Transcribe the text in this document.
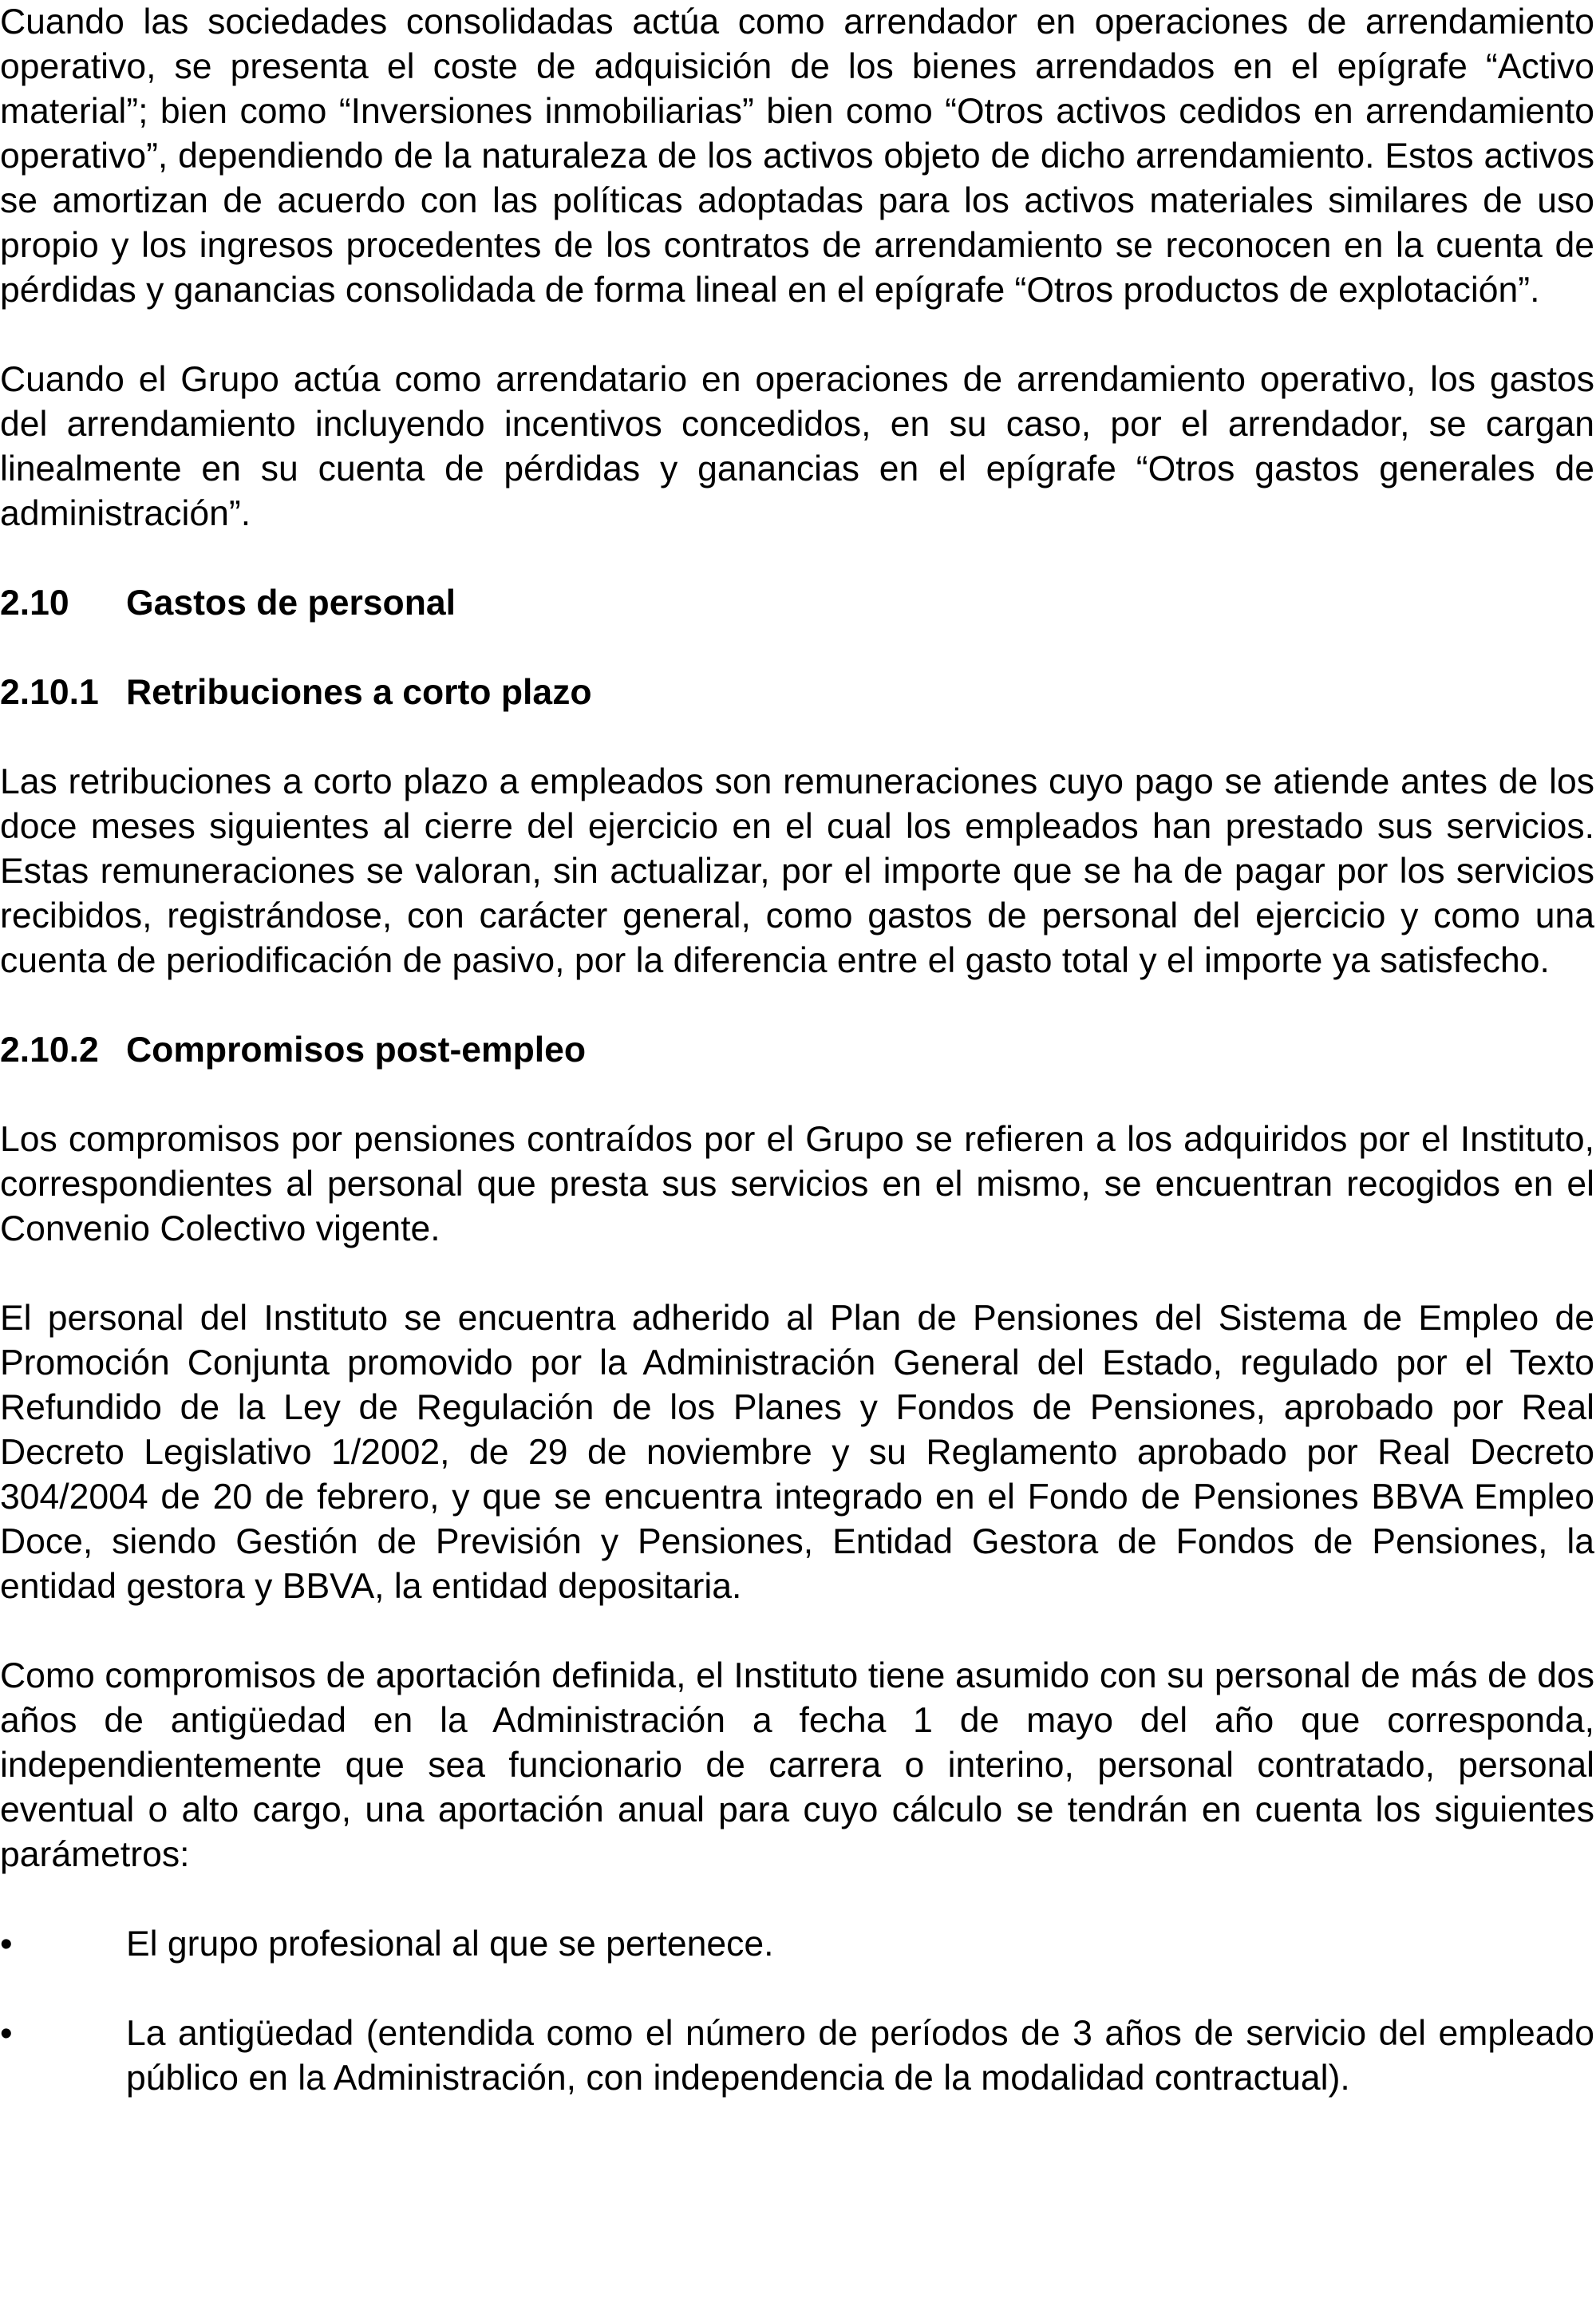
Cuando las sociedades consolidadas actúa como arrendador en operaciones de arrendamiento operativo, se presenta el coste de adquisición de los bienes arrendados en el epígrafe “Activo material”; bien como “Inversiones inmobiliarias” bien como “Otros activos cedidos en arrendamiento operativo”, dependiendo de la naturaleza de los activos objeto de dicho arrendamiento. Estos activos se amortizan de acuerdo con las políticas adoptadas para los activos materiales similares de uso propio y los ingresos procedentes de los contratos de arrendamiento se reconocen en la cuenta de pérdidas y ganancias consolidada de forma lineal en el epígrafe “Otros productos de explotación”.

Cuando el Grupo actúa como arrendatario en operaciones de arrendamiento operativo, los gastos del arrendamiento incluyendo incentivos concedidos, en su caso, por el arrendador, se cargan linealmente en su cuenta de pérdidas y ganancias en el epígrafe “Otros gastos generales de administración”.

2.10	Gastos de personal
2.10.1 Retribuciones a corto plazo

Las retribuciones a corto plazo a empleados son remuneraciones cuyo pago se atiende antes de los doce meses siguientes al cierre del ejercicio en el cual los empleados han prestado sus servicios. Estas remuneraciones se valoran, sin actualizar, por el importe que se ha de pagar por los servicios recibidos, registrándose, con carácter general, como gastos de personal del ejercicio y como una cuenta de periodificación de pasivo, por la diferencia entre el gasto total y el importe ya satisfecho.

2.10.2 Compromisos post-empleo

Los compromisos por pensiones contraídos por el Grupo se refieren a los adquiridos por el Instituto, correspondientes al personal que presta sus servicios en el mismo, se encuentran recogidos en el Convenio Colectivo vigente.

El personal del Instituto se encuentra adherido al Plan de Pensiones del Sistema de Empleo de Promoción Conjunta promovido por la Administración General del Estado, regulado por el Texto Refundido de la Ley de Regulación de los Planes y Fondos de Pensiones, aprobado por Real Decreto Legislativo 1/2002, de 29 de noviembre y su Reglamento aprobado por Real Decreto 304/2004 de 20 de febrero, y que se encuentra integrado en el Fondo de Pensiones BBVA Empleo Doce, siendo Gestión de Previsión y Pensiones, Entidad Gestora de Fondos de Pensiones, la entidad gestora y BBVA, la entidad depositaria.

Como compromisos de aportación definida, el Instituto tiene asumido con su personal de más de dos años de antigüedad en la Administración a fecha 1 de mayo del año que corresponda, independientemente que sea funcionario de carrera o interino, personal contratado, personal eventual o alto cargo, una aportación anual para cuyo cálculo se tendrán en cuenta los siguientes parámetros:

•	El grupo profesional al que se pertenece.
•	La antigüedad (entendida como el número de períodos de 3 años de servicio del empleado público en la Administración, con independencia de la modalidad contractual).
